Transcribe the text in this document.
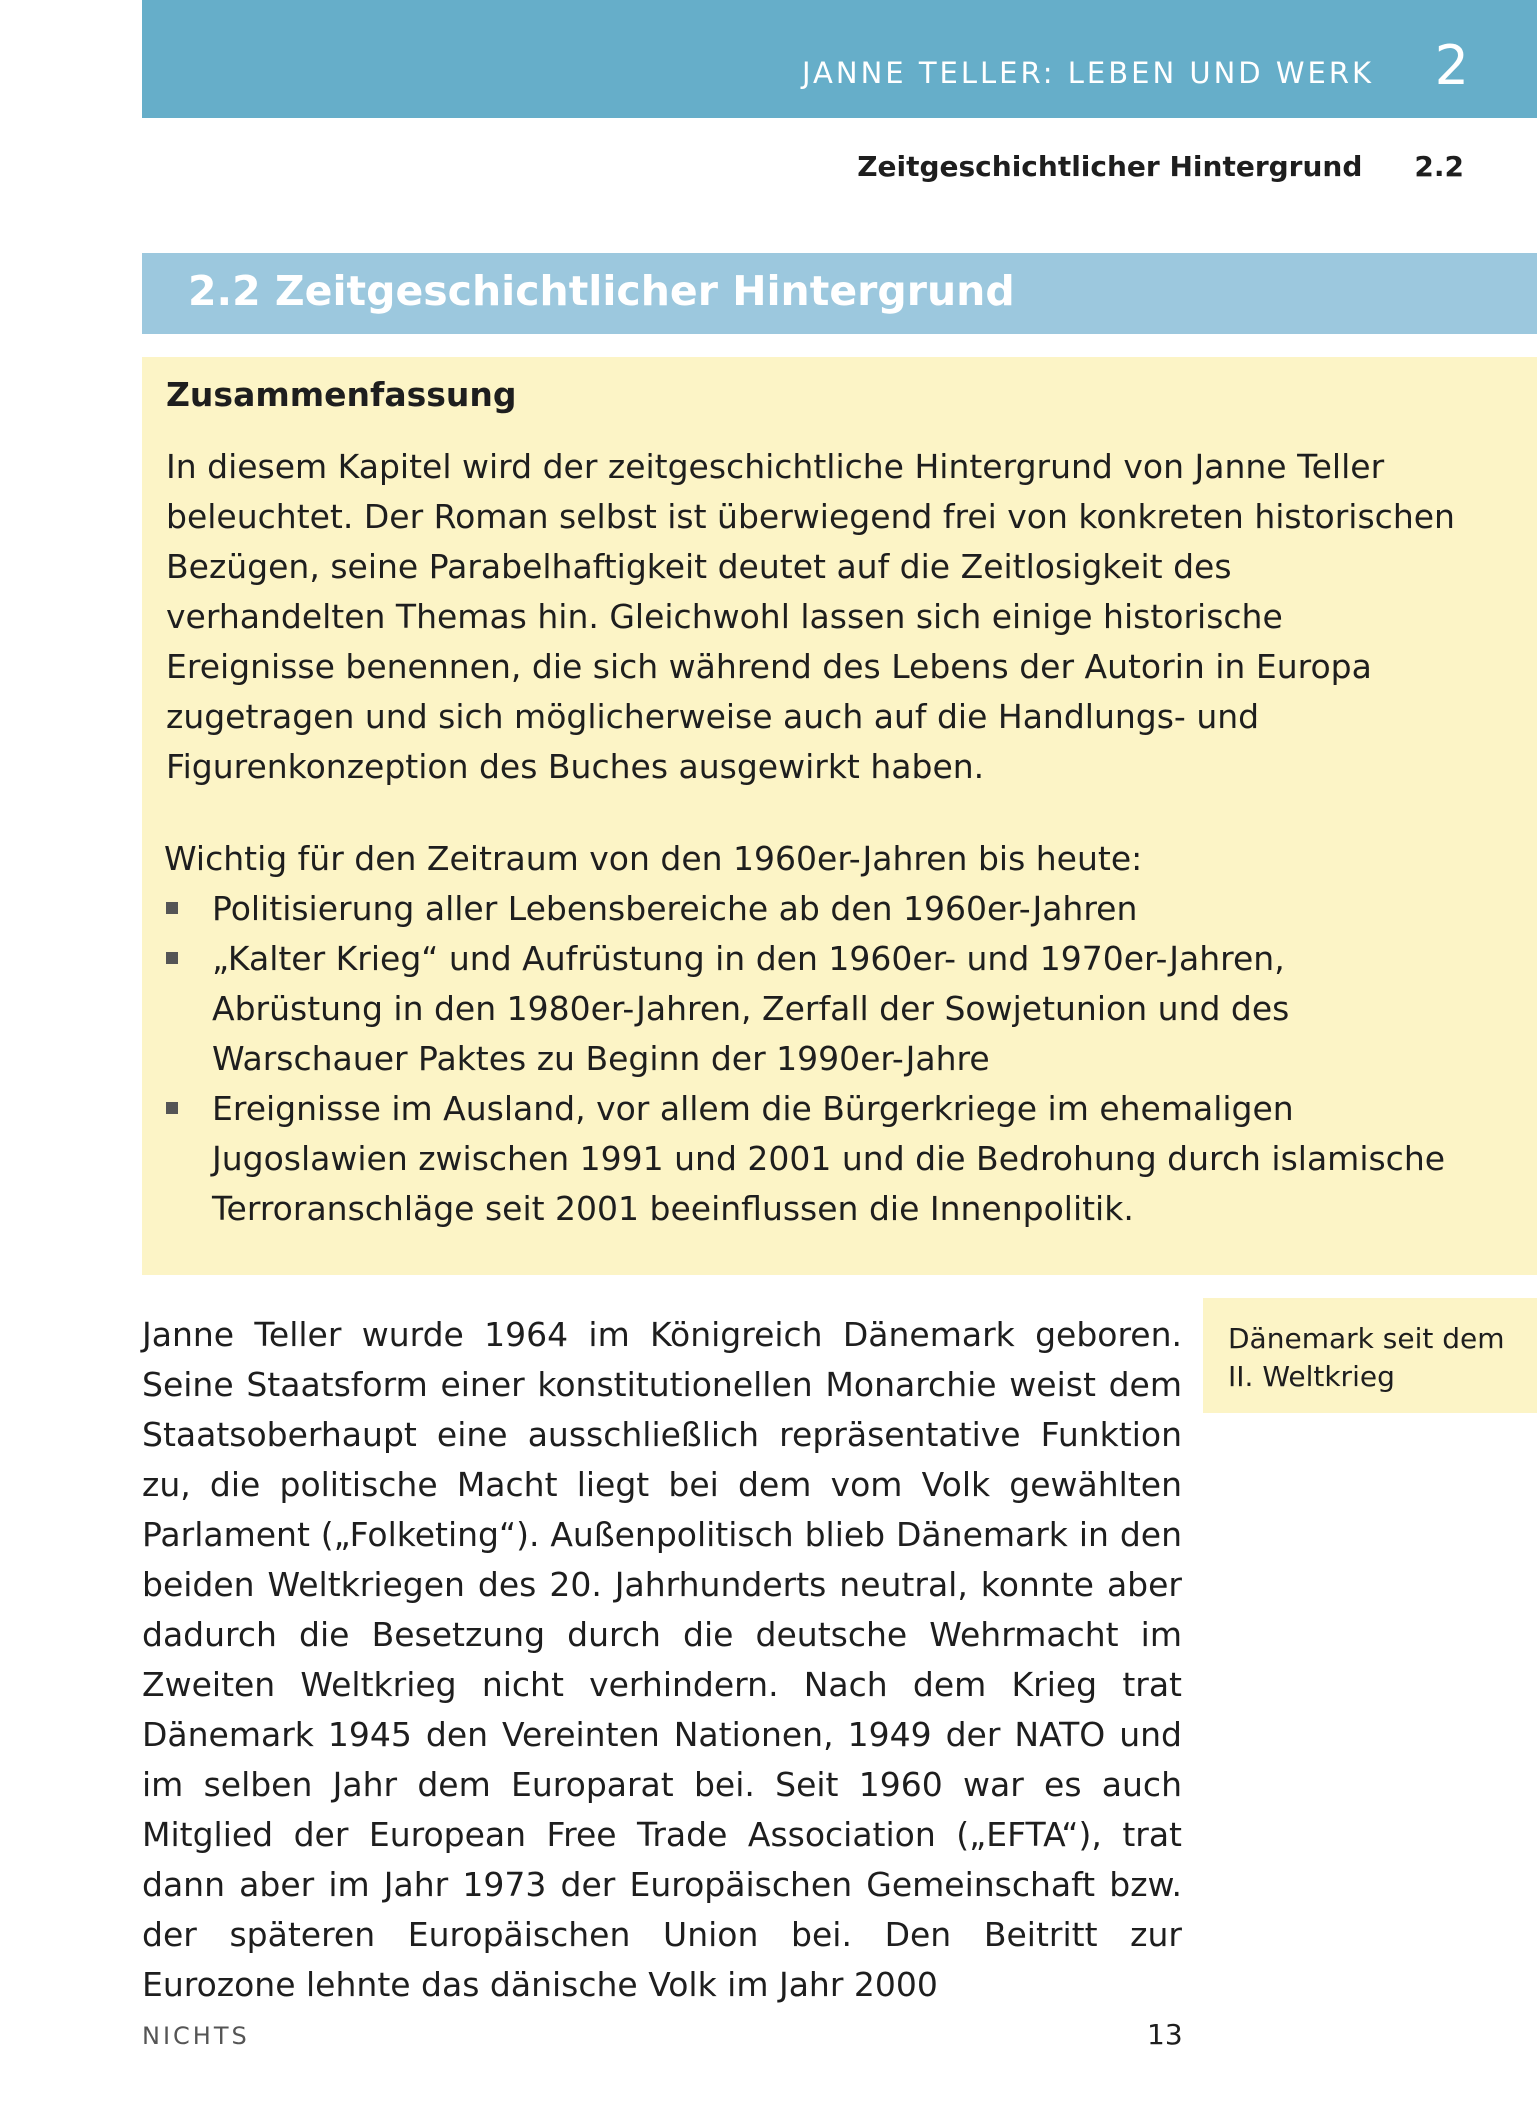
JANNE TELLER: LEBEN UND WERK 2
Zeitgeschichtlicher Hintergrund 2.2
2.2 Zeitgeschichtlicher Hintergrund
Zusammenfassung

In diesem Kapitel wird der zeitgeschichtliche Hintergrund von Janne Teller beleuchtet. Der Roman selbst ist überwiegend frei von konkreten historischen Bezügen, seine Parabelhaftigkeit deutet auf die Zeitlosigkeit des verhandelten Themas hin. Gleichwohl lassen sich einige historische Ereignisse benennen, die sich während des Lebens der Autorin in Europa zugetragen und sich möglicherweise auch auf die Handlungs- und Figurenkonzeption des Buches ausgewirkt haben.

Wichtig für den Zeitraum von den 1960er-Jahren bis heute:

Politisierung aller Lebensbereiche ab den 1960er-Jahren
„Kalter Krieg“ und Aufrüstung in den 1960er- und 1970er-Jahren, Abrüstung in den 1980er-Jahren, Zerfall der Sowjetunion und des Warschauer Paktes zu Beginn der 1990er-Jahre
Ereignisse im Ausland, vor allem die Bürgerkriege im ehemaligen Jugoslawien zwischen 1991 und 2001 und die Bedrohung durch islamische Terroranschläge seit 2001 beeinflussen die Innenpolitik.

Janne Teller wurde 1964 im Königreich Dänemark geboren. Seine Staatsform einer konstitutionellen Monarchie weist dem Staatsoberhaupt eine ausschließlich repräsentative Funktion zu, die politische Macht liegt bei dem vom Volk gewählten Parlament („Folketing“). Außenpolitisch blieb Dänemark in den beiden Weltkriegen des 20. Jahrhunderts neutral, konnte aber dadurch die Besetzung durch die deutsche Wehrmacht im Zweiten Weltkrieg nicht verhindern. Nach dem Krieg trat Dänemark 1945 den Vereinten Nationen, 1949 der NATO und im selben Jahr dem Europarat bei. Seit 1960 war es auch Mitglied der European Free Trade Association („EFTA“), trat dann aber im Jahr 1973 der Europäischen Gemeinschaft bzw. der späteren Europäischen Union bei. Den Beitritt zur Eurozone lehnte das dänische Volk im Jahr 2000

Dänemark seit dem II. Weltkrieg
NICHTS	13
